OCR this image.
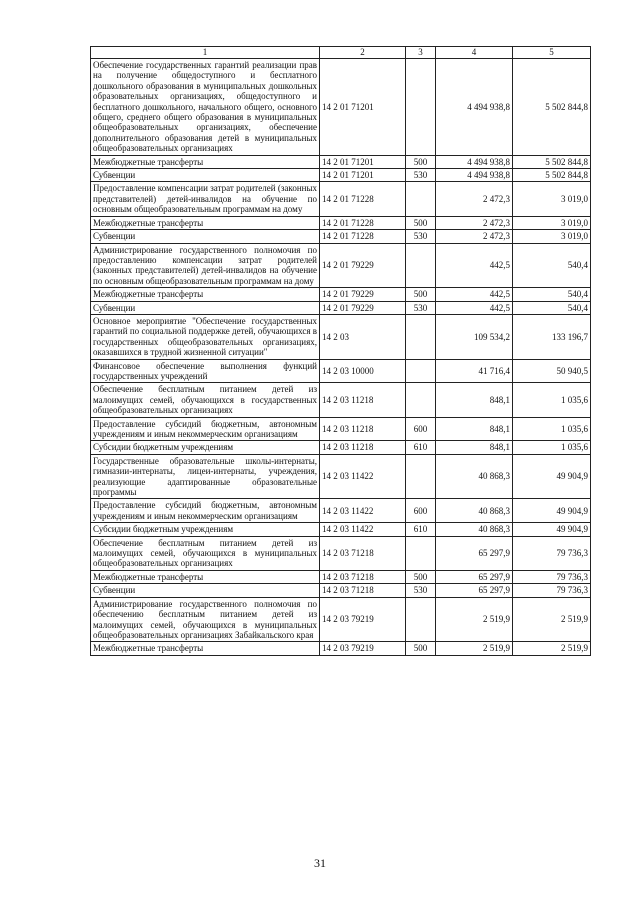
1	2	3	4	5
Обеспечение государственных гарантий реализации прав на получение общедоступного и бесплатного дошкольного образования в муниципальных дошкольных образовательных организациях, общедоступного и бесплатного дошкольного, начального общего, основного общего, среднего общего образования в муниципальных общеобразовательных организациях, обеспечение дополнительного образования детей в муниципальных общеобразовательных организациях	14 2 01 71201		4 494 938,8	5 502 844,8
Межбюджетные трансферты	14 2 01 71201	500	4 494 938,8	5 502 844,8
Субвенции	14 2 01 71201	530	4 494 938,8	5 502 844,8
Предоставление компенсации затрат родителей (законных представителей) детей-инвалидов на обучение по основным общеобразовательным программам на дому	14 2 01 71228		2 472,3	3 019,0
Межбюджетные трансферты	14 2 01 71228	500	2 472,3	3 019,0
Субвенции	14 2 01 71228	530	2 472,3	3 019,0
Администрирование государственного полномочия по предоставлению компенсации затрат родителей (законных представителей) детей-инвалидов на обучение по основным общеобразовательным программам на дому	14 2 01 79229		442,5	540,4
Межбюджетные трансферты	14 2 01 79229	500	442,5	540,4
Субвенции	14 2 01 79229	530	442,5	540,4
Основное мероприятие "Обеспечение государственных гарантий по социальной поддержке детей, обучающихся в государственных общеобразовательных организациях, оказавшихся в трудной жизненной ситуации"	14 2 03		109 534,2	133 196,7
Финансовое обеспечение выполнения функций государственных учреждений	14 2 03 10000		41 716,4	50 940,5
Обеспечение бесплатным питанием детей из малоимущих семей, обучающихся в государственных общеобразовательных организациях	14 2 03 11218		848,1	1 035,6
Предоставление субсидий бюджетным, автономным учреждениям и иным некоммерческим организациям	14 2 03 11218	600	848,1	1 035,6
Субсидии бюджетным учреждениям	14 2 03 11218	610	848,1	1 035,6
Государственные образовательные школы-интернаты, гимназии-интернаты, лицеи-интернаты, учреждения, реализующие адаптированные образовательные программы	14 2 03 11422		40 868,3	49 904,9
Предоставление субсидий бюджетным, автономным учреждениям и иным некоммерческим организациям	14 2 03 11422	600	40 868,3	49 904,9
Субсидии бюджетным учреждениям	14 2 03 11422	610	40 868,3	49 904,9
Обеспечение бесплатным питанием детей из малоимущих семей, обучающихся в муниципальных общеобразовательных организациях	14 2 03 71218		65 297,9	79 736,3
Межбюджетные трансферты	14 2 03 71218	500	65 297,9	79 736,3
Субвенции	14 2 03 71218	530	65 297,9	79 736,3
Администрирование государственного полномочия по обеспечению бесплатным питанием детей из малоимущих семей, обучающихся в муниципальных общеобразовательных организациях Забайкальского края	14 2 03 79219		2 519,9	2 519,9
Межбюджетные трансферты	14 2 03 79219	500	2 519,9	2 519,9
31
